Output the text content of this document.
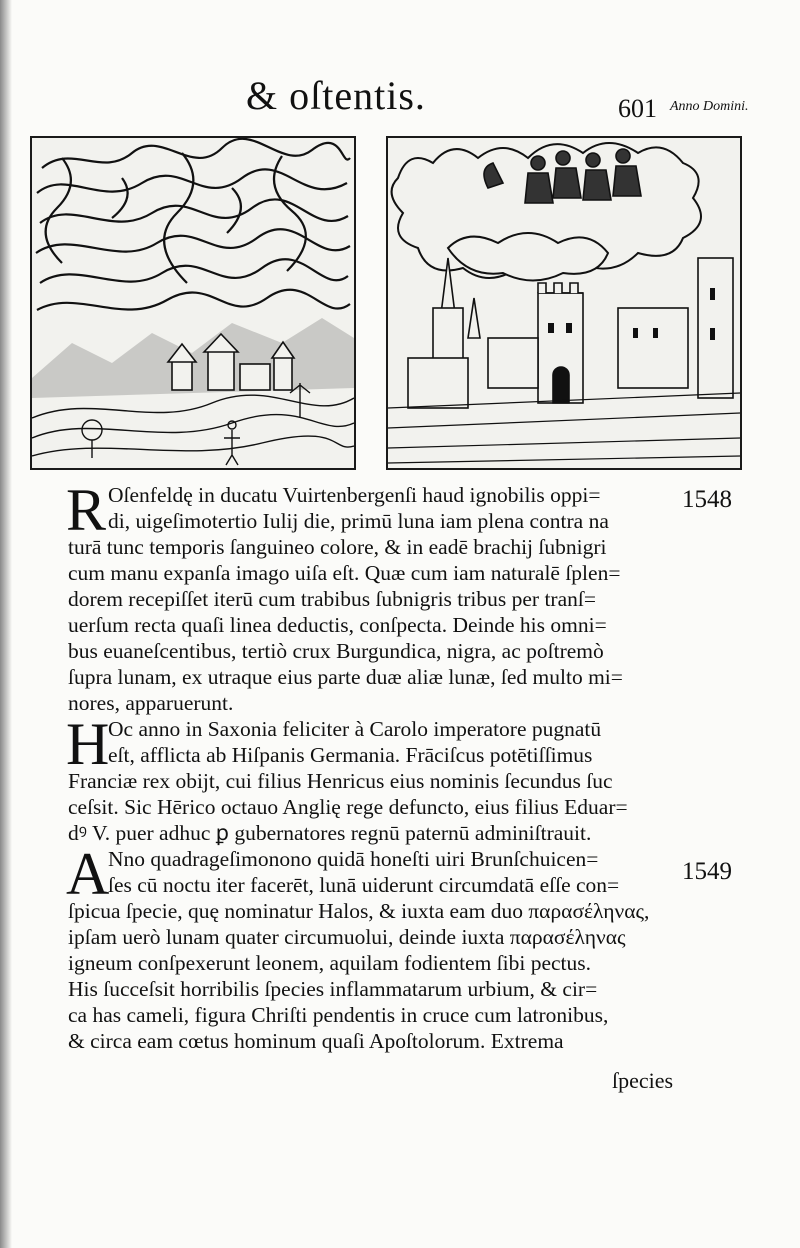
& oſtentis.	601 Anno Domini.
R	1548
Oſenfeldę in ducatu Vuirtenbergenſi haud ignobilis oppi=
di, uigeſimotertio Iulĳ die, primū luna iam plena contra na
turā tunc temporis ſanguineo colore, & in eadē brachĳ ſubnigri
cum manu expanſa imago uiſa eſt. Quæ cum iam naturalē ſplen=
dorem recepiſſet iterū cum trabibus ſubnigris tribus per tranſ=
uerſum recta quaſi linea deductis, conſpecta. Deinde his omni=
bus euaneſcentibus, tertiò crux Burgundica, nigra, ac poſtremò
ſupra lunam, ex utraque eius parte duæ aliæ lunæ, ſed multo mi=
nores, apparuerunt.
H
Oc anno in Saxonia feliciter à Carolo imperatore pugnatū
eſt, afflicta ab Hiſpanis Germania. Frāciſcus potētiſſimus
Franciæ rex obĳt, cui filius Henricus eius nominis ſecundus ſuc
ceſsit. Sic Hērico octauo Anglię rege defuncto, eius filius Eduar=
dꝰ V. puer adhuc ꝑ gubernatores regnū paternū adminiſtrauit.
A	1549
Nno quadrageſimonono quidā honeſti uiri Brunſchuicen=
ſes cū noctu iter facerēt, lunā uiderunt circumdatā eſſe con=
ſpicua ſpecie, quę nominatur Halos, & iuxta eam duo παρασέληνας,
ipſam uerò lunam quater circumuolui, deinde iuxta παρασέληνας
igneum conſpexerunt leonem, aquilam fodientem ſibi pectus.
His ſucceſsit horribilis ſpecies inflammatarum urbium, & cir=
ca has cameli, figura Chriſti pendentis in cruce cum latronibus,
& circa eam cœtus hominum quaſi Apoſtolorum. Extrema
ſpecies
